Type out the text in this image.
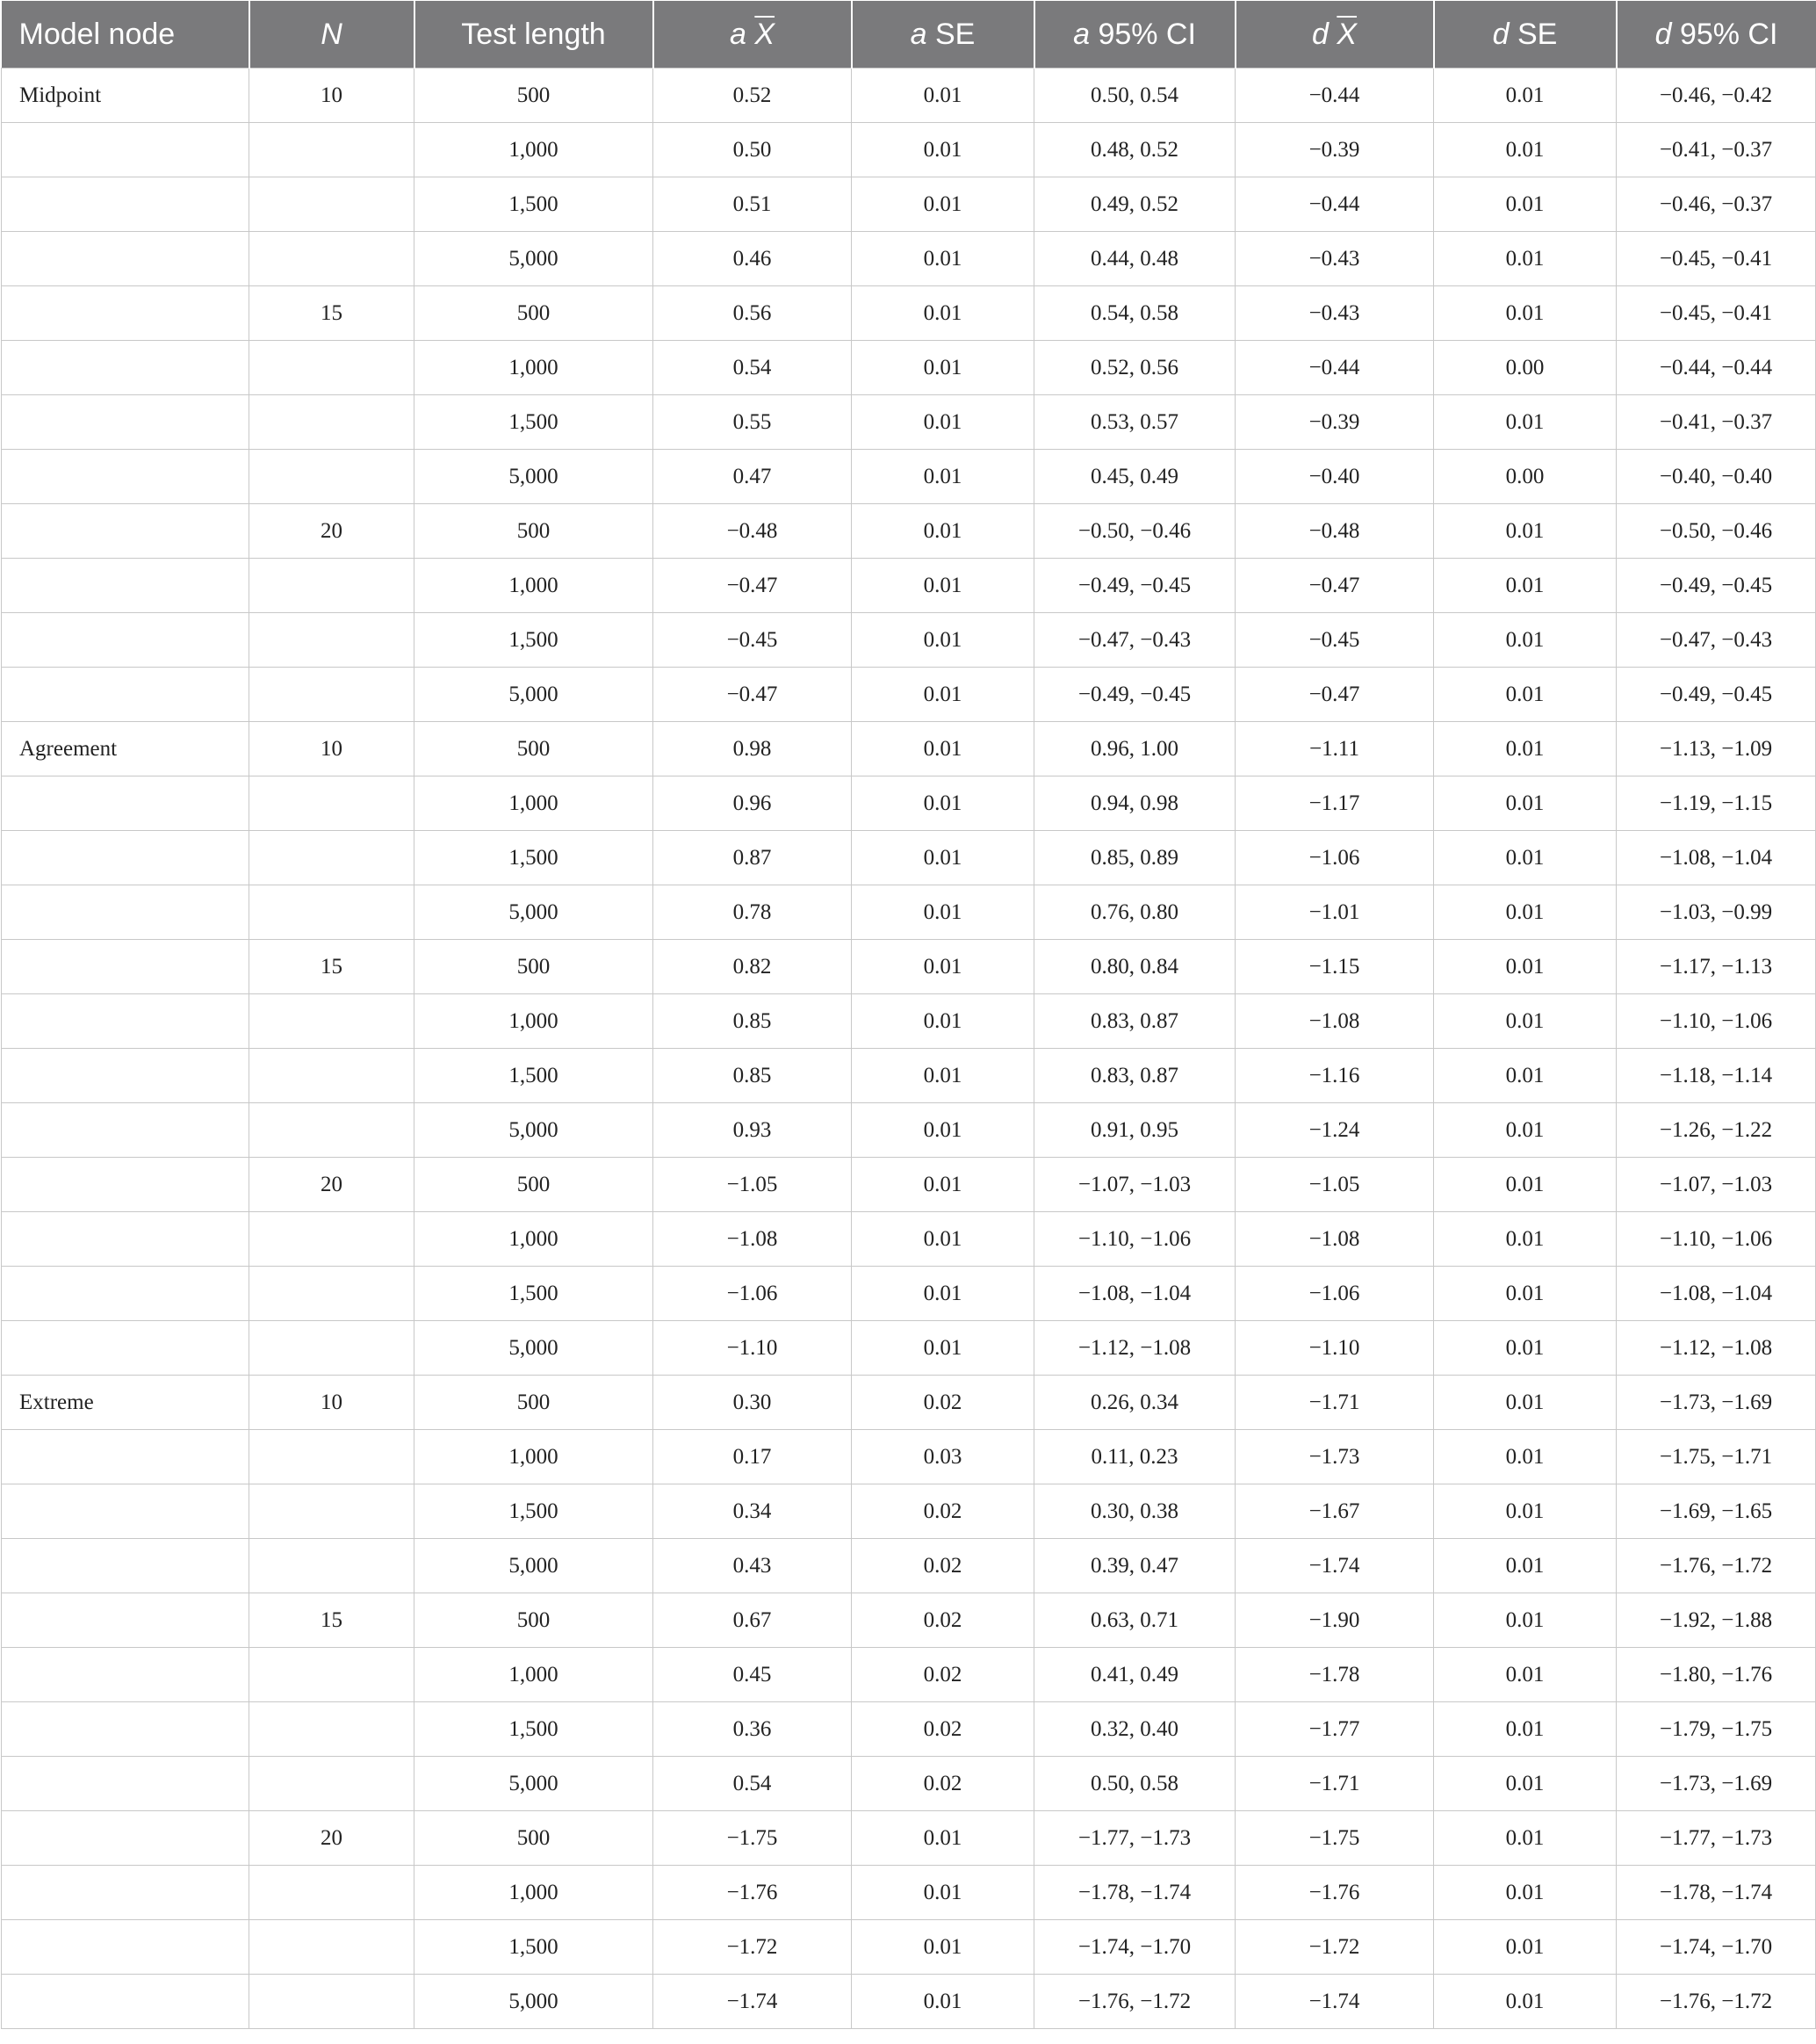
Model node	N	Test length	a $\overline{X}$	a SE	a 95% CI	d $\overline{X}$	d SE	d 95% CI
Midpoint	10	500	0.52	0.01	0.50, 0.54	−0.44	0.01	−0.46, −0.42
		1,000	0.50	0.01	0.48, 0.52	−0.39	0.01	−0.41, −0.37
		1,500	0.51	0.01	0.49, 0.52	−0.44	0.01	−0.46, −0.37
		5,000	0.46	0.01	0.44, 0.48	−0.43	0.01	−0.45, −0.41
	15	500	0.56	0.01	0.54, 0.58	−0.43	0.01	−0.45, −0.41
		1,000	0.54	0.01	0.52, 0.56	−0.44	0.00	−0.44, −0.44
		1,500	0.55	0.01	0.53, 0.57	−0.39	0.01	−0.41, −0.37
		5,000	0.47	0.01	0.45, 0.49	−0.40	0.00	−0.40, −0.40
	20	500	−0.48	0.01	−0.50, −0.46	−0.48	0.01	−0.50, −0.46
		1,000	−0.47	0.01	−0.49, −0.45	−0.47	0.01	−0.49, −0.45
		1,500	−0.45	0.01	−0.47, −0.43	−0.45	0.01	−0.47, −0.43
		5,000	−0.47	0.01	−0.49, −0.45	−0.47	0.01	−0.49, −0.45
Agreement	10	500	0.98	0.01	0.96, 1.00	−1.11	0.01	−1.13, −1.09
		1,000	0.96	0.01	0.94, 0.98	−1.17	0.01	−1.19, −1.15
		1,500	0.87	0.01	0.85, 0.89	−1.06	0.01	−1.08, −1.04
		5,000	0.78	0.01	0.76, 0.80	−1.01	0.01	−1.03, −0.99
	15	500	0.82	0.01	0.80, 0.84	−1.15	0.01	−1.17, −1.13
		1,000	0.85	0.01	0.83, 0.87	−1.08	0.01	−1.10, −1.06
		1,500	0.85	0.01	0.83, 0.87	−1.16	0.01	−1.18, −1.14
		5,000	0.93	0.01	0.91, 0.95	−1.24	0.01	−1.26, −1.22
	20	500	−1.05	0.01	−1.07, −1.03	−1.05	0.01	−1.07, −1.03
		1,000	−1.08	0.01	−1.10, −1.06	−1.08	0.01	−1.10, −1.06
		1,500	−1.06	0.01	−1.08, −1.04	−1.06	0.01	−1.08, −1.04
		5,000	−1.10	0.01	−1.12, −1.08	−1.10	0.01	−1.12, −1.08
Extreme	10	500	0.30	0.02	0.26, 0.34	−1.71	0.01	−1.73, −1.69
		1,000	0.17	0.03	0.11, 0.23	−1.73	0.01	−1.75, −1.71
		1,500	0.34	0.02	0.30, 0.38	−1.67	0.01	−1.69, −1.65
		5,000	0.43	0.02	0.39, 0.47	−1.74	0.01	−1.76, −1.72
	15	500	0.67	0.02	0.63, 0.71	−1.90	0.01	−1.92, −1.88
		1,000	0.45	0.02	0.41, 0.49	−1.78	0.01	−1.80, −1.76
		1,500	0.36	0.02	0.32, 0.40	−1.77	0.01	−1.79, −1.75
		5,000	0.54	0.02	0.50, 0.58	−1.71	0.01	−1.73, −1.69
	20	500	−1.75	0.01	−1.77, −1.73	−1.75	0.01	−1.77, −1.73
		1,000	−1.76	0.01	−1.78, −1.74	−1.76	0.01	−1.78, −1.74
		1,500	−1.72	0.01	−1.74, −1.70	−1.72	0.01	−1.74, −1.70
		5,000	−1.74	0.01	−1.76, −1.72	−1.74	0.01	−1.76, −1.72
